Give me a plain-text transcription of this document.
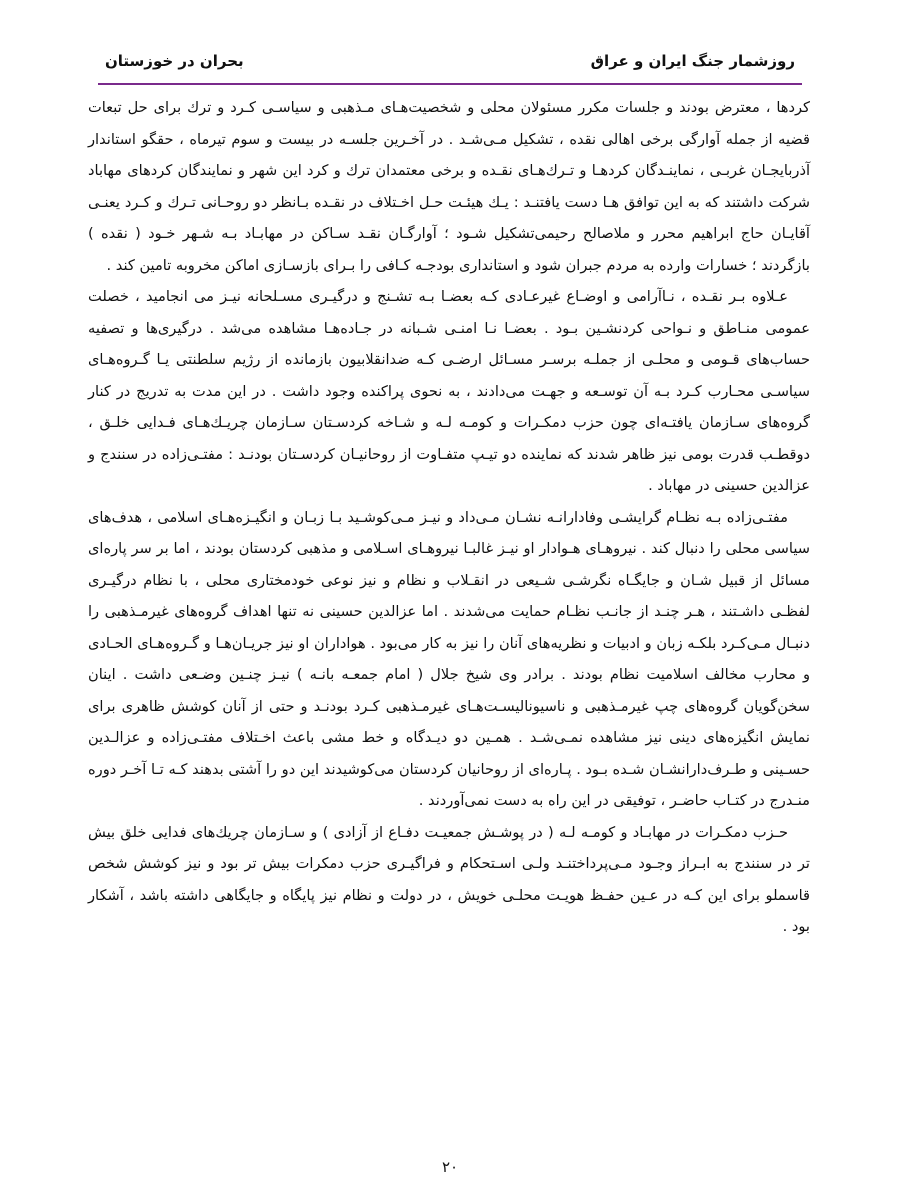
روزشمار جنگ ایران و عراق
بحران در خوزستان

كردها ، معترض بودند و جلسات مكرر مسئولان محلی و شخصیت‌هـای مـذهبی و سیاسـی كـرد و ترك برای حل تبعات قضیه از جمله آوارگی برخی اهالی نقده ، تشكیل مـی‌شـد . در آخـرین جلسـه در بیست و سوم تیرماه ، حقگو استاندار آذربایجـان غربـی ، نماینـدگان كردهـا و تـرك‌هـای نقـده و برخی معتمدان ترك و كرد این شهر و نمایندگان كردهای مهاباد شركت داشتند كه به این توافق هـا دست یافتنـد : یـك هیئـت حـل اخـتلاف در نقـده بـانظر دو روحـانی تـرك و كـرد یعنـی آقایـان حاج ابراهیم محرر و ملاصالح رحیمی‌تشكیل شـود ؛ آوارگـان نقـد سـاكن در مهابـاد بـه شـهر خـود ( نقده ) بازگردند ؛ خسارات وارده به مردم جبران شود و استانداری بودجـه كـافی را بـرای بازسـازی اماكن مخروبه تامین كند .

عـلاوه بـر نقـده ، نـاآرامی و اوضـاع غیرعـادی كـه بعضـا بـه تشـنج و درگیـری مسـلحانه نیـز می انجامید ، خصلت عمومی منـاطق و نـواحی كردنشـین بـود . بعضـا نـا امنـی شـبانه در جـاده‌هـا مشاهده می‌شد . درگیری‌ها و تصفیه حساب‌های قـومی و محلـی از جملـه برسـر مسـائل ارضـی كـه ضدانقلابیون بازمانده از رژیم سلطنتی یـا گـروه‌هـای سیاسـی محـارب كـرد بـه آن توسـعه و جهـت می‌دادند ، به نحوی پراكنده وجود داشت . در این مدت به تدریج در كنار گروه‌های سـازمان یافتـه‌ای چون حزب دمكـرات و كومـه لـه و شـاخه كردسـتان سـازمان چریـك‌هـای فـدایی خلـق ، دوقطـب قدرت بومی نیز ظاهر شدند كه نماینده دو تیـپ متفـاوت از روحانیـان كردسـتان بودنـد : مفتـی‌زاده در سنندج و عزالدین حسینی در مهاباد .

مفتـی‌زاده بـه نظـام گرایشـی وفادارانـه نشـان مـی‌داد و نیـز مـی‌كوشـید بـا زبـان و انگیـزه‌هـای اسلامی ، هدف‌های سیاسی محلی را دنبال كند . نیروهـای هـوادار او نیـز غالبـا نیروهـای اسـلامی و مذهبی كردستان بودند ، اما بر سر پاره‌ای مسائل از قبیل شـان و جایگـاه نگرشـی شـیعی در انقـلاب و نظام و نیز نوعی خودمختاری محلی ، با نظام درگیـری لفظـی داشـتند ، هـر چنـد از جانـب نظـام حمایت می‌شدند . اما عزالدین حسینی نه تنها اهداف گروه‌های غیرمـذهبی را دنبـال مـی‌كـرد بلكـه زبان و ادبیات و نظریه‌های آنان را نیز به كار می‌بود . هواداران او نیز جریـان‌هـا و گـروه‌هـای الحـادی و محارب مخالف اسلامیت نظام بودند . برادر وی شیخ جلال ( امام جمعـه بانـه ) نیـز چنـین وضـعی داشت . اینان سخن‌گویان گروه‌های چپ غیرمـذهبی و ناسیونالیسـت‌هـای غیرمـذهبی كـرد بودنـد و حتی از آنان كوشش ظاهری برای نمایش انگیزه‌های دینی نیز مشاهده نمـی‌شـد . همـین دو دیـدگاه و خط مشی باعث اخـتلاف مفتـی‌زاده و عزالـدین حسـینی و طـرف‌دارانشـان شـده بـود . پـاره‌ای از روحانیان كردستان می‌كوشیدند این دو را آشتی بدهند كـه تـا آخـر دوره منـدرج در كتـاب حاضـر ، توفیقی در این راه به دست نمی‌آوردند .

حـزب دمكـرات در مهابـاد و كومـه لـه ( در پوشـش جمعیـت دفـاع از آزادی ) و سـازمان چریك‌های فدایی خلق بیش تر در سنندج به ابـراز وجـود مـی‌پرداختنـد ولـی اسـتحكام و فراگیـری حزب دمكرات بیش تر بود و نیز كوشش شخص قاسملو برای این كـه در عـین حفـظ هویـت محلـی خویش ، در دولت و نظام نیز پایگاه و جایگاهی داشته باشد ، آشكار بود .

۲۰
